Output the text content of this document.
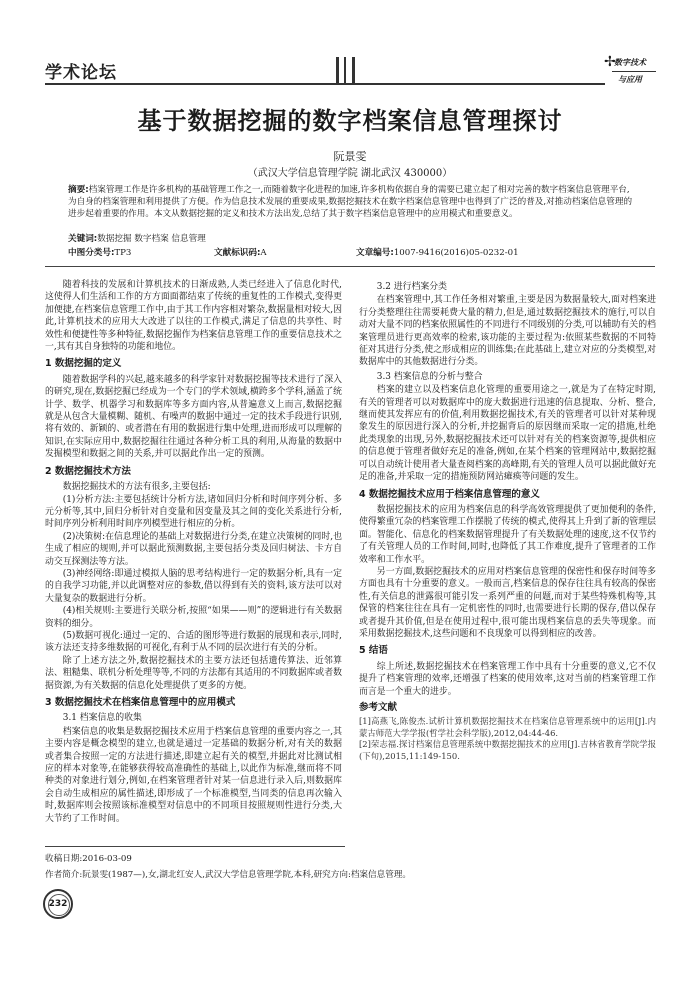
学术论坛
✢
数字技术
与应用
基于数据挖掘的数字档案信息管理探讨
阮景雯
（武汉大学信息管理学院 湖北武汉 430000）
摘要:档案管理工作是许多机构的基础管理工作之一,而随着数字化进程的加速,许多机构依据自身的需要已建立起了相对完善的数字档案信息管理平台,为自身的档案管理和利用提供了方便。作为信息技术发展的重要成果,数据挖掘技术在数字档案信息管理中也得到了广泛的普及,对推动档案信息管理的进步起着重要的作用。本文从数据挖掘的定义和技术方法出发,总结了其于数字档案信息管理中的应用模式和重要意义。
关键词:数据挖掘 数字档案 信息管理
中图分类号:TP3	文献标识码:A	文章编号:1007-9416(2016)05-0232-01

随着科技的发展和计算机技术的日渐成熟,人类已经进入了信息化时代,这使得人们生活和工作的方方面面都结束了传统的重复性的工作模式,变得更加便捷,在档案信息管理工作中,由于其工作内容相对繁杂,数据量相对较大,因此,计算机技术的应用大大改进了以往的工作模式,满足了信息的共享性、时效性和便捷性等多种特征,数据挖掘作为档案信息管理工作的重要信息技术之一,其有其自身独特的功能和地位。

1 数据挖掘的定义

随着数据学科的兴起,越来越多的科学家针对数据挖掘等技术进行了深入的研究,现在,数据挖掘已经成为一个专门的学术领域,横跨多个学科,涵盖了统计学、数学、机器学习和数据库等多方面内容,从普遍意义上而言,数据挖掘就是从包含大量模糊、随机、有噪声的数据中通过一定的技术手段进行识别,将有效的、新颖的、或者潜在有用的数据进行集中处理,进而形成可以理解的知识,在实际应用中,数据挖掘往往通过各种分析工具的利用,从海量的数据中发掘模型和数据之间的关系,并可以据此作出一定的预测。

2 数据挖掘技术方法

数据挖掘技术的方法有很多,主要包括:

(1)分析方法:主要包括统计分析方法,诸如回归分析和时间序列分析、多元分析等,其中,回归分析针对自变量和因变量及其之间的变化关系进行分析,时间序列分析利用时间序列模型进行相应的分析。

(2)决策树:在信息理论的基础上对数据进行分类,在建立决策树的同时,也生成了相应的规则,并可以据此预测数据,主要包括分类及回归树法、卡方自动交互探测法等方法。

(3)神经网络:即通过模拟人脑的思考结构进行一定的数据分析,具有一定的自我学习功能,并以此调整对应的参数,借以得到有关的资料,该方法可以对大量复杂的数据进行分析。

(4)相关规则:主要进行关联分析,按照“如果——则”的逻辑进行有关数据资料的细分。

(5)数据可视化:通过一定的、合适的图形等进行数据的展现和表示,同时,该方法还支持多维数据的可视化,有利于从不同的层次进行有关的分析。

除了上述方法之外,数据挖掘技术的主要方法还包括遗传算法、近邻算法、粗糙集、联机分析处理等等,不同的方法都有其适用的不同数据库或者数据资源,为有关数据的信息化处理提供了更多的方便。

3 数据挖掘技术在档案信息管理中的应用模式
3.1 档案信息的收集

档案信息的收集是数据挖掘技术应用于档案信息管理的重要内容之一,其主要内容是概念模型的建立,也就是通过一定基础的数据分析,对有关的数据或者集合按照一定的方法进行描述,即建立起有关的模型,并据此对比测试相应的样本对象等,在能够获得较高准确性的基础上,以此作为标准,继而将不同种类的对象进行划分,例如,在档案管理者针对某一信息进行录入后,则数据库会自动生成相应的属性描述,即形成了一个标准模型,当同类的信息再次输入时,数据库则会按照该标准模型对信息中的不同项目按照规则性进行分类,大大节约了工作时间。

3.2 进行档案分类

在档案管理中,其工作任务相对繁重,主要是因为数据量较大,面对档案进行分类整理往往需要耗费大量的精力,但是,通过数据挖掘技术的施行,可以自动对大量不同的档案依照属性的不同进行不同级别的分类,可以辅助有关的档案管理员进行更高效率的检索,该功能的主要过程为:依照某些数据的不同特征对其进行分类,使之形成相应的训练集;在此基础上,建立对应的分类模型,对数据库中的其他数据进行分类。

3.3 档案信息的分析与整合

档案的建立以及档案信息化管理的重要用途之一,就是为了在特定时期,有关的管理者可以对数据库中的庞大数据进行迅速的信息提取、分析、整合,继而使其发挥应有的价值,利用数据挖掘技术,有关的管理者可以针对某种现象发生的原因进行深入的分析,并挖掘背后的原因继而采取一定的措施,杜绝此类现象的出现,另外,数据挖掘技术还可以针对有关的档案资源等,提供相应的信息便于管理者做好充足的准备,例如,在某个档案的管理网站中,数据挖掘可以自动统计使用者大量查阅档案的高峰期,有关的管理人员可以据此做好充足的准备,并采取一定的措施预防网站瘫痪等问题的发生。

4 数据挖掘技术应用于档案信息管理的意义

数据挖掘技术的应用为档案信息的科学高效管理提供了更加便利的条件,使得繁重冗杂的档案管理工作摆脱了传统的模式,使得其上升到了新的管理层面。智能化、信息化的档案数据管理提升了有关数据处理的速度,这不仅节约了有关管理人员的工作时间,同时,也降低了其工作难度,提升了管理者的工作效率和工作水平。

另一方面,数据挖掘技术的应用对档案信息管理的保密性和保存时间等多方面也具有十分重要的意义。一般而言,档案信息的保存往往具有较高的保密性,有关信息的泄露很可能引发一系列严重的问题,而对于某些特殊机构等,其保管的档案往往在具有一定机密性的同时,也需要进行长期的保存,借以保存或者提升其价值,但是在使用过程中,很可能出现档案信息的丢失等现象。而采用数据挖掘技术,这些问题和不良现象可以得到相应的改善。

5 结语

综上所述,数据挖掘技术在档案管理工作中具有十分重要的意义,它不仅提升了档案管理的效率,还增强了档案的使用效率,这对当前的档案管理工作而言是一个重大的进步。

参考文献

[1]高燕飞,陈俊杰.试析计算机数据挖掘技术在档案信息管理系统中的运用[J].内蒙古师范大学学报(哲学社会科学版),2012,04:44-46.

[2]荣志福.探讨档案信息管理系统中数据挖掘技术的应用[J].吉林省教育学院学报(下旬),2015,11:149-150.

收稿日期:2016-03-09
作者简介:阮景雯(1987—),女,湖北红安人,武汉大学信息管理学院,本科,研究方向:档案信息管理。
232
